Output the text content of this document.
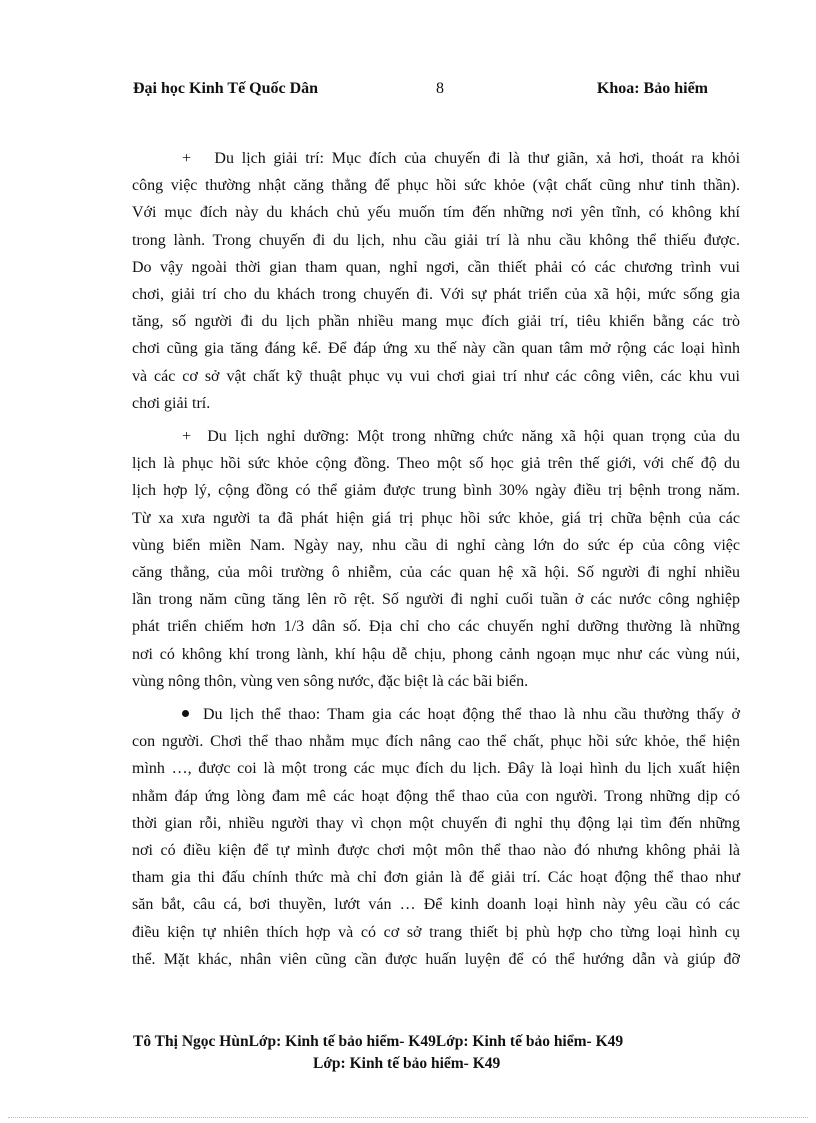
Đại học Kinh Tế Quốc Dân	8	Khoa: Bảo hiểm
+ Du lịch giải trí: Mục đích của chuyến đi là thư giãn, xả hơi, thoát ra khỏi
công việc thường nhật căng thẳng để phục hồi sức khỏe (vật chất cũng như tinh thần).
Với mục đích này du khách chủ yếu muốn tím đến những nơi yên tĩnh, có không khí
trong lành. Trong chuyến đi du lịch, nhu cầu giải trí là nhu cầu không thể thiếu được.
Do vậy ngoài thời gian tham quan, nghỉ ngơi, cần thiết phải có các chương trình vui
chơi, giải trí cho du khách trong chuyến đi. Với sự phát triển của xã hội, mức sống gia
tăng, số người đi du lịch phần nhiều mang mục đích giải trí, tiêu khiển bằng các trò
chơi cũng gia tăng đáng kể. Để đáp ứng xu thế này cần quan tâm mở rộng các loại hình
và các cơ sở vật chất kỹ thuật phục vụ vui chơi giai trí như các công viên, các khu vui
chơi giải trí.
+ Du lịch nghỉ dưỡng: Một trong những chức năng xã hội quan trọng của du
lịch là phục hồi sức khỏe cộng đồng. Theo một số học giả trên thế giới, với chế độ du
lịch hợp lý, cộng đồng có thể giảm được trung bình 30% ngày điều trị bệnh trong năm.
Từ xa xưa người ta đã phát hiện giá trị phục hồi sức khỏe, giá trị chữa bệnh của các
vùng biển miền Nam. Ngày nay, nhu cầu di nghỉ càng lớn do sức ép của công việc
căng thẳng, của môi trường ô nhiễm, của các quan hệ xã hội. Số người đi nghỉ nhiều
lần trong năm cũng tăng lên rõ rệt. Số người đi nghỉ cuối tuần ở các nước công nghiệp
phát triển chiếm hơn 1/3 dân số. Địa chỉ cho các chuyến nghỉ dưỡng thường là những
nơi có không khí trong lành, khí hậu dễ chịu, phong cảnh ngoạn mục như các vùng núi,
vùng nông thôn, vùng ven sông nước, đặc biệt là các bãi biển.
Du lịch thể thao: Tham gia các hoạt động thể thao là nhu cầu thường thấy ở
con người. Chơi thể thao nhằm mục đích nâng cao thể chất, phục hồi sức khỏe, thể hiện
mình …, được coi là một trong các mục đích du lịch. Đây là loại hình du lịch xuất hiện
nhằm đáp ứng lòng đam mê các hoạt động thể thao của con người. Trong những dịp có
thời gian rỗi, nhiều người thay vì chọn một chuyến đi nghỉ thụ động lại tìm đến những
nơi có điều kiện để tự mình được chơi một môn thể thao nào đó nhưng không phải là
tham gia thi đấu chính thức mà chỉ đơn giản là để giải trí. Các hoạt động thể thao như
săn bắt, câu cá, bơi thuyền, lướt ván … Để kinh doanh loại hình này yêu cầu có các
điều kiện tự nhiên thích hợp và có cơ sở trang thiết bị phù hợp cho từng loại hình cụ
thể. Mặt khác, nhân viên cũng cần được huấn luyện để có thể hướng dẫn và giúp đỡ
Tô Thị Ngọc HùnLớp: Kinh tế bảo hiểm- K49Lớp: Kinh tế bảo hiểm- K49
Lớp: Kinh tế bảo hiểm- K49
